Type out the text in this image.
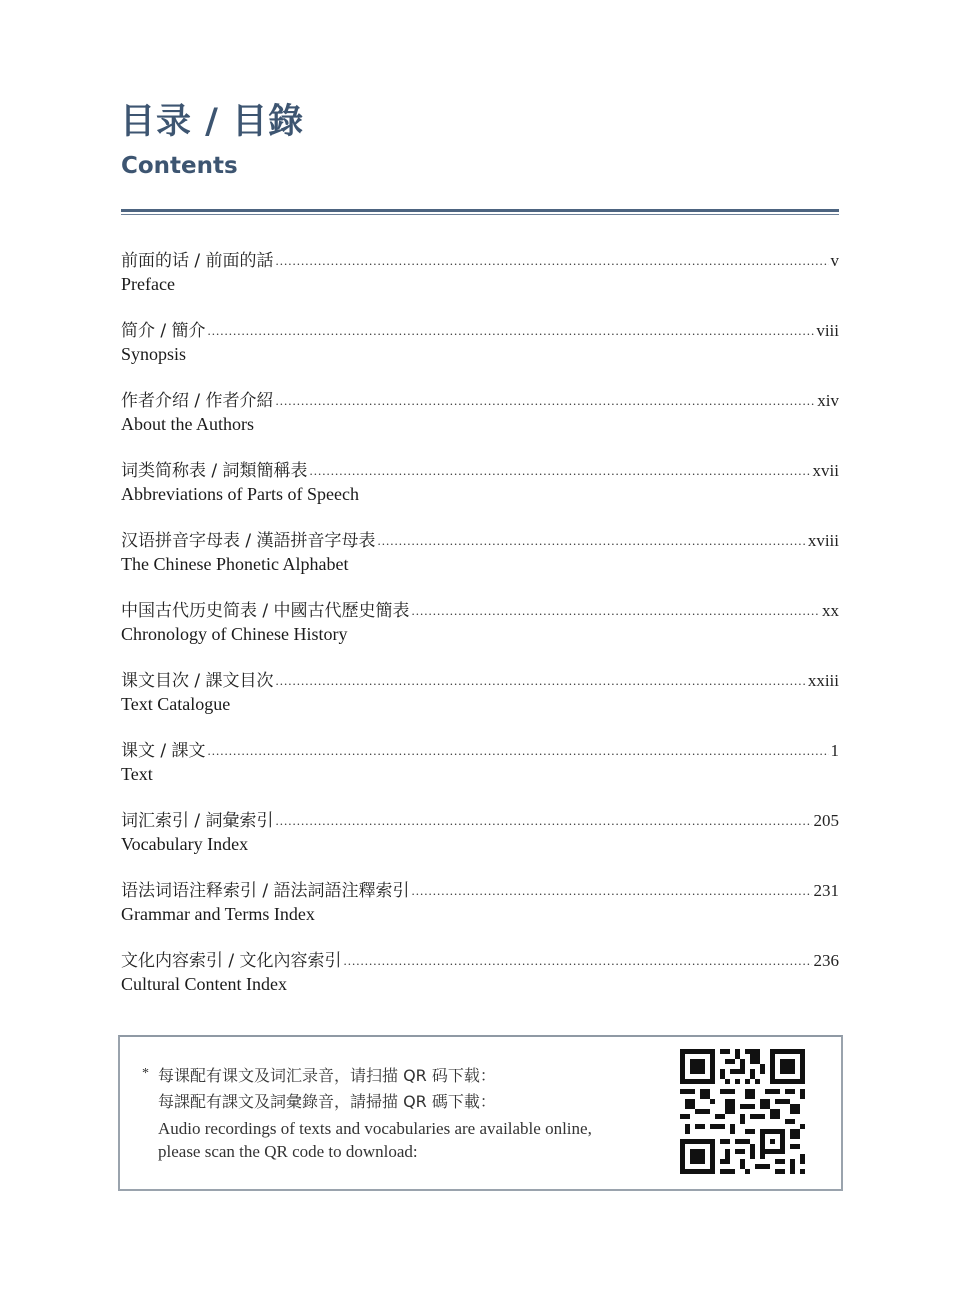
目录 / 目錄
Contents
前面的话 / 前面的話 .....	v
Preface
简介 / 簡介 .....	viii
Synopsis
作者介绍 / 作者介紹 .....	xiv
About the Authors
词类简称表 / 詞類簡稱表 .....	xvii
Abbreviations of Parts of Speech
汉语拼音字母表 / 漢語拼音字母表 .....	xviii
The Chinese Phonetic Alphabet
中国古代历史简表 / 中國古代歷史簡表 .....	xx
Chronology of Chinese History
课文目次 / 課文目次 .....	xxiii
Text Catalogue
课文 / 課文 .....	1
Text
词汇索引 / 詞彙索引 .....	205
Vocabulary Index
语法词语注释索引 / 語法詞語注釋索引 .....	231
Grammar and Terms Index
文化内容索引 / 文化內容索引 .....	236
Cultural Content Index
* 每课配有课文及词汇录音，请扫描 QR 码下载：
每課配有課文及詞彙錄音，請掃描 QR 碼下載：
Audio recordings of texts and vocabularies are available online,
please scan the QR code to download:
